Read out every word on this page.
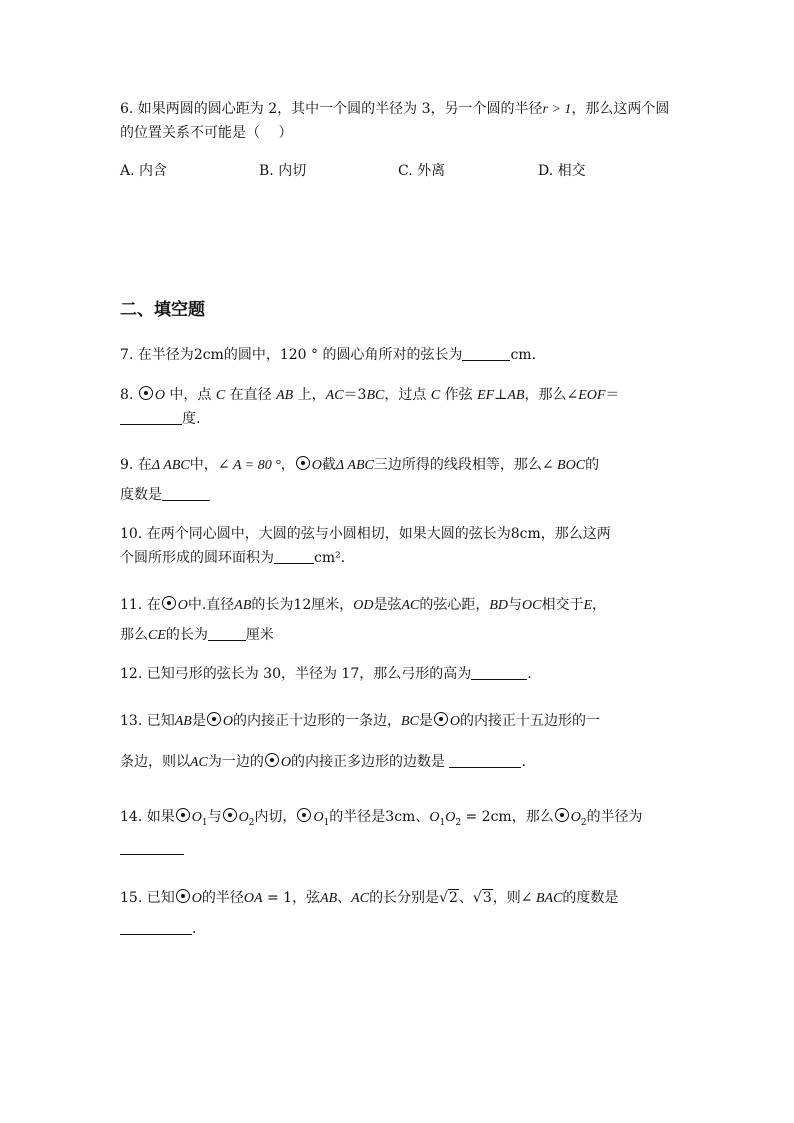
6. 如果两圆的圆心距为 2，其中一个圆的半径为 3，另一个圆的半径r > 1，那么这两个圆
的位置关系不可能是（　 ）
A. 内含	B. 内切	C. 外离	D. 相交
二、填空题
7. 在半径为2cm的圆中，120 ° 的圆心角所对的弦长为	cm.
8. O 中，点 C 在直径 AB 上，AC＝3BC，过点 C 作弦 EF⊥AB，那么∠EOF＝
度.
9. 在Δ ABC中，∠ A = 80 °， O截Δ ABC三边所得的线段相等，那么∠ BOC的
度数是
10. 在两个同心圆中，大圆的弦与小圆相切，如果大圆的弦长为8cm，那么这两
个圆所形成的圆环面积为	cm².
11. 在 O中.直径AB的长为12厘米，OD是弦AC的弦心距，BD与OC相交于E，
那么CE的长为	厘米
12. 已知弓形的弦长为 30，半径为 17，那么弓形的高为	.
13. 已知AB是 O的内接正十边形的一条边，BC是 O的内接正十五边形的一
条边，则以AC为一边的 O的内接正多边形的边数是	.
14. 如果 $O_1$与 $O_2$内切， $O_1$的半径是3cm、$O_1O_2 = 2cm$，那么 $O_2$的半径为
15. 已知 O的半径OA = 1，弦AB、AC的长分别是√2、√3，则∠ BAC的度数是
.
